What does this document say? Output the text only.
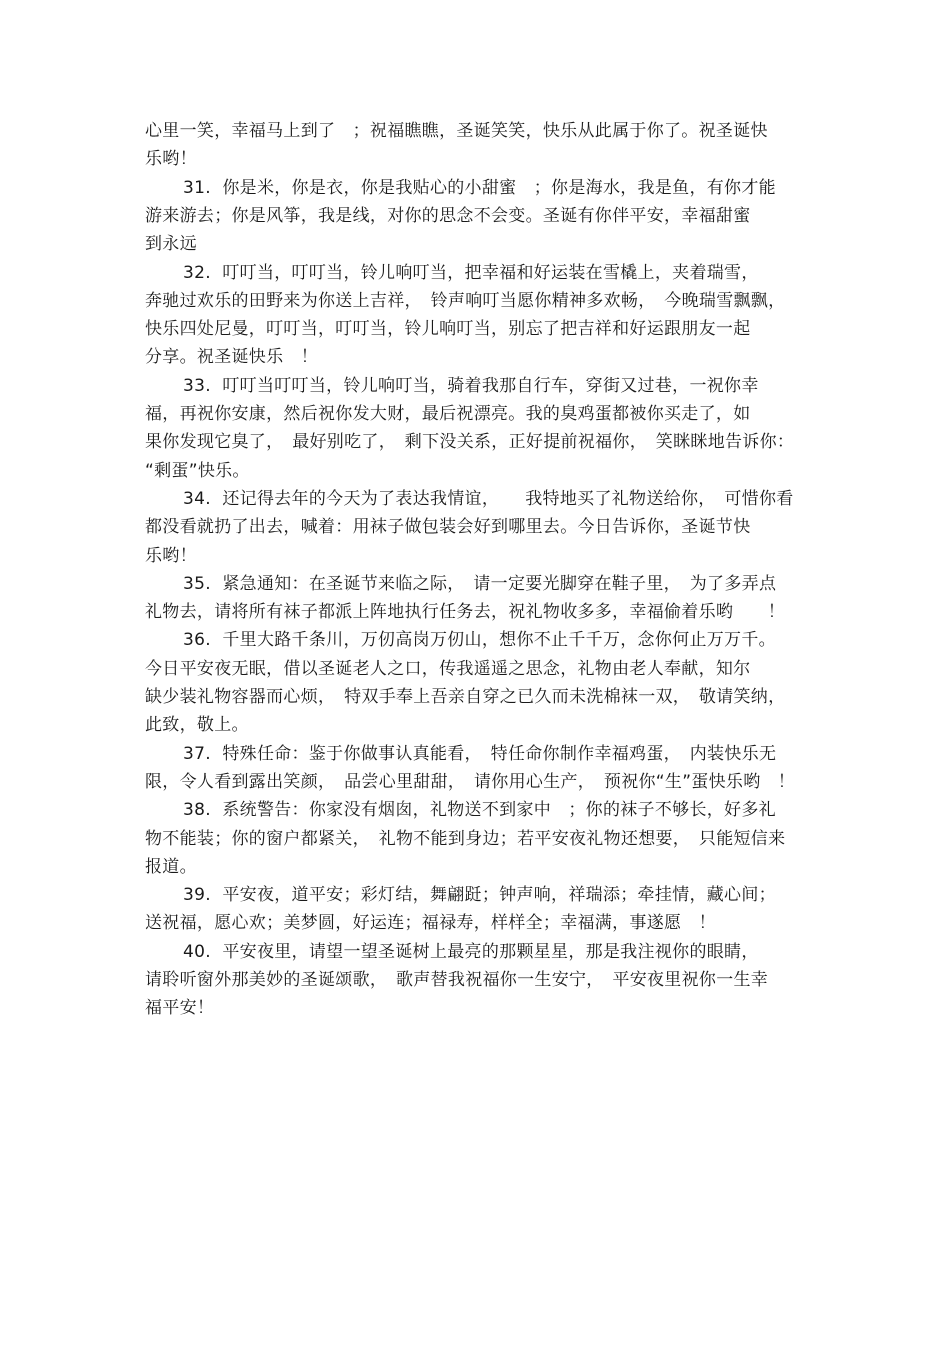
心里一笑，幸福马上到了　；祝福瞧瞧，圣诞笑笑，快乐从此属于你了。祝圣诞快
乐哟！
31.  你是米，你是衣，你是我贴心的小甜蜜　；你是海水，我是鱼，有你才能
游来游去；你是风筝，我是线，对你的思念不会变。圣诞有你伴平安，幸福甜蜜
到永远
32.  叮叮当，叮叮当，铃儿响叮当，把幸福和好运装在雪橇上，夹着瑞雪，
奔驰过欢乐的田野来为你送上吉祥，　铃声响叮当愿你精神多欢畅，　今晚瑞雪飘飘，
快乐四处尼曼，叮叮当，叮叮当，铃儿响叮当，别忘了把吉祥和好运跟朋友一起
分享。祝圣诞快乐　！
33.  叮叮当叮叮当，铃儿响叮当，骑着我那自行车，穿街又过巷，一祝你幸
福，再祝你安康，然后祝你发大财，最后祝漂亮。我的臭鸡蛋都被你买走了，如
果你发现它臭了，　最好别吃了，　剩下没关系，正好提前祝福你，　笑眯眯地告诉你：
“剩蛋”快乐。
34.  还记得去年的今天为了表达我情谊，　　我特地买了礼物送给你，　可惜你看
都没看就扔了出去，喊着：用袜子做包装会好到哪里去。今日告诉你，圣诞节快
乐哟！
35.  紧急通知：在圣诞节来临之际，　请一定要光脚穿在鞋子里，　为了多弄点
礼物去，请将所有袜子都派上阵地执行任务去，祝礼物收多多，幸福偷着乐哟　　！
36.  千里大路千条川，万仞高岗万仞山，想你不止千千万，念你何止万万千。
今日平安夜无眠，借以圣诞老人之口，传我遥遥之思念，礼物由老人奉献，知尔
缺少装礼物容器而心烦，　特双手奉上吾亲自穿之已久而未洗棉袜一双，　敬请笑纳，
此致，敬上。
37.  特殊任命：鉴于你做事认真能看，　特任命你制作幸福鸡蛋，　内装快乐无
限，令人看到露出笑颜，　品尝心里甜甜，　请你用心生产，　预祝你“生”蛋快乐哟　！
38.  系统警告：你家没有烟囱，礼物送不到家中　；你的袜子不够长，好多礼
物不能装；你的窗户都紧关，　礼物不能到身边；若平安夜礼物还想要，　只能短信来
报道。
39.  平安夜，道平安；彩灯结，舞翩跹；钟声响，祥瑞添；牵挂情，藏心间；
送祝福，愿心欢；美梦圆，好运连；福禄寿，样样全；幸福满，事遂愿　！
40.  平安夜里，请望一望圣诞树上最亮的那颗星星，那是我注视你的眼睛，
请聆听窗外那美妙的圣诞颂歌，　歌声替我祝福你一生安宁，　平安夜里祝你一生幸
福平安！
